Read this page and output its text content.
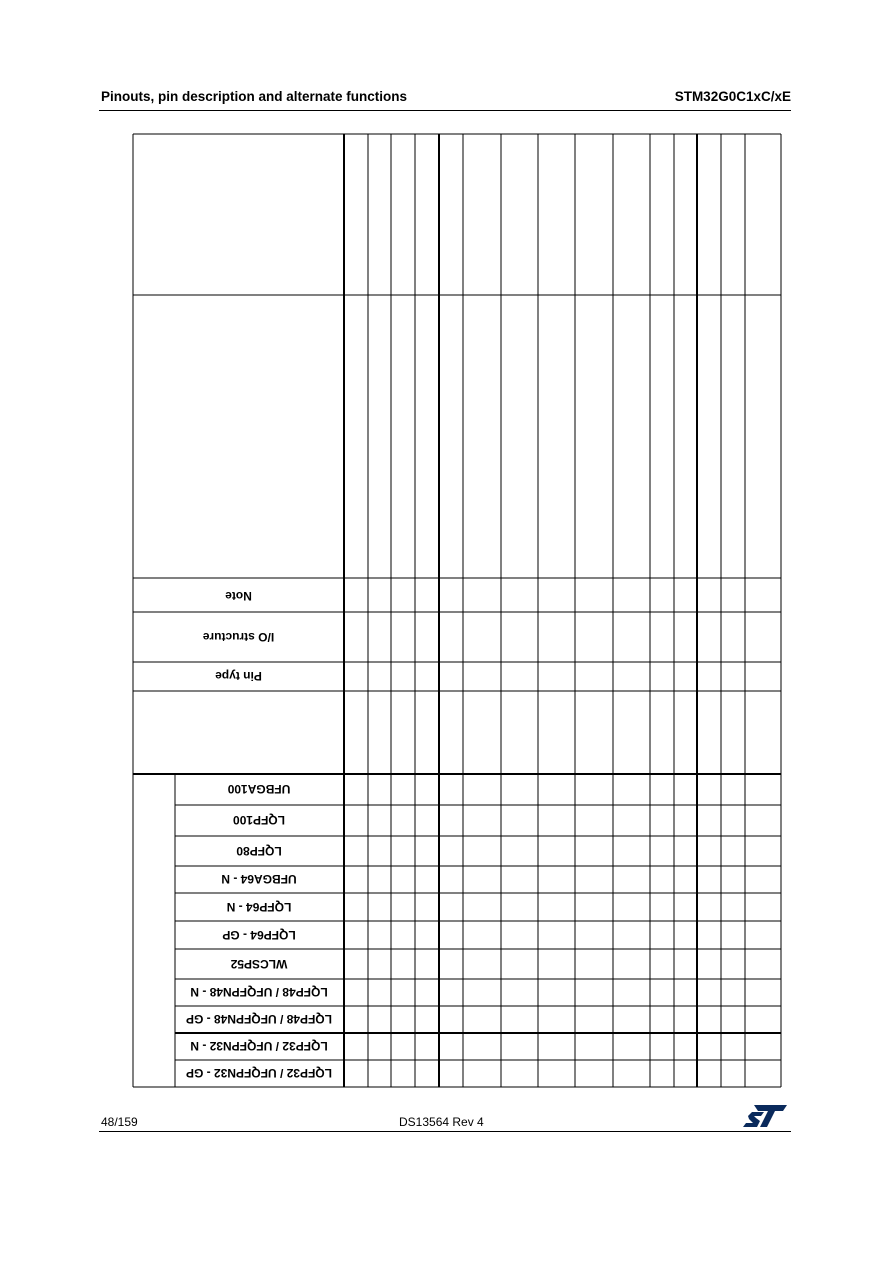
Pinouts, pin description and alternate functions	STM32G0C1xC/xE
Note
I/O structure
Pin type
UFBGA100
LQFP100
LQFP80
UFBGA64 - N
LQFP64 - N
LQFP64 - GP
WLCSP52
LQFP48 / UFQFPN48 - N
LQFP48 / UFQFPN48 - GP
LQFP32 / UFQFPN32 - N
LQFP32 / UFQFPN32 - GP
48/159	DS13564 Rev 4
